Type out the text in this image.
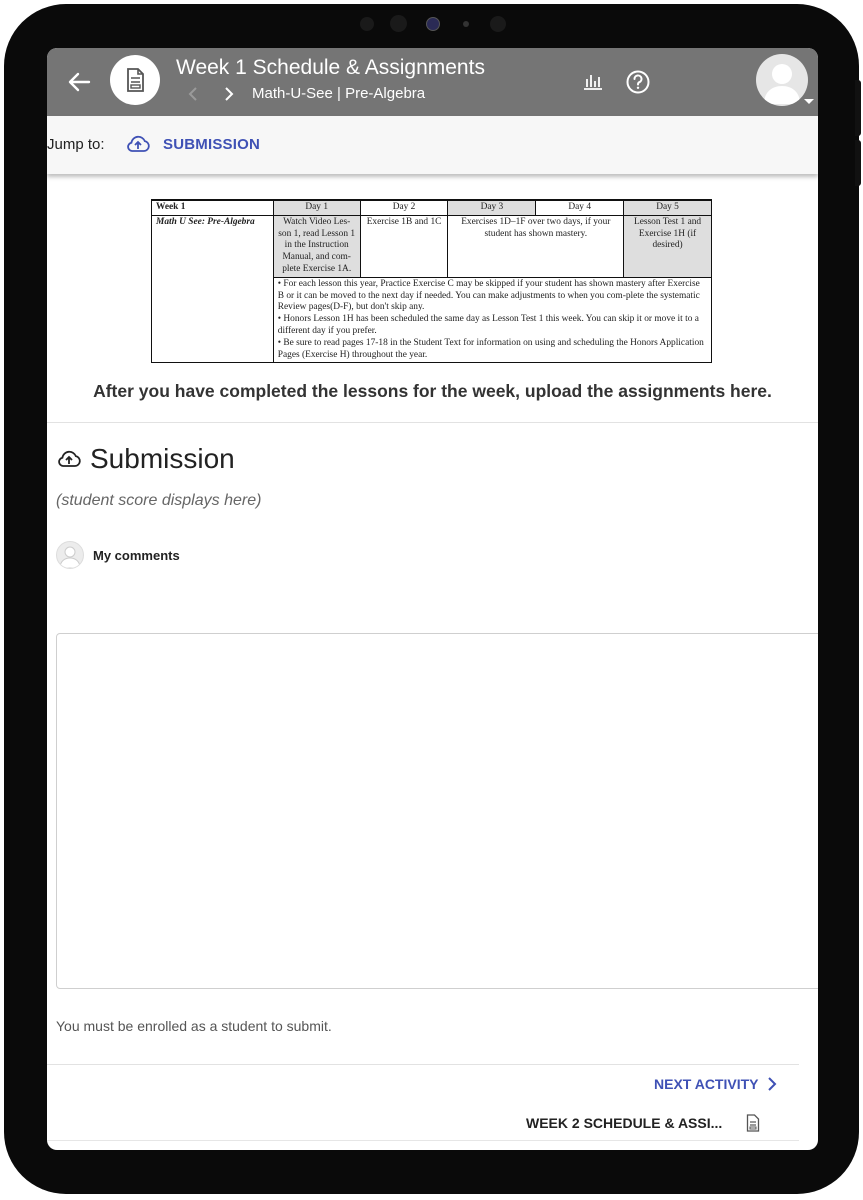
Week 1 Schedule & Assignments
Math-U-See | Pre-Algebra
Jump to:	SUBMISSION
Week 1	Day 1	Day 2	Day 3	Day 4	Day 5
Math U See: Pre-Algebra	Watch Video Les-son 1, read Lesson 1 in the Instruction Manual, and com-plete Exercise 1A.	Exercise 1B and 1C	Exercises 1D–1F over two days, if your student has shown mastery.		Lesson Test 1 and Exercise 1H (if desired)

	• For each lesson this year, Practice Exercise C may be skipped if your student has shown mastery after Exercise B or it can be moved to the next day if needed. You can make adjustments to when you com-plete the systematic Review pages(D-F), but don't skip any.
• Honors Lesson 1H has been scheduled the same day as Lesson Test 1 this week. You can skip it or move it to a different day if you prefer.
• Be sure to read pages 17-18 in the Student Text for information on using and scheduling the Honors Application Pages (Exercise H) throughout the year.				
After you have completed the lessons for the week, upload the assignments here.
Submission
(student score displays here)
My comments
You must be enrolled as a student to submit.
NEXT ACTIVITY
WEEK 2 SCHEDULE & ASSI...
